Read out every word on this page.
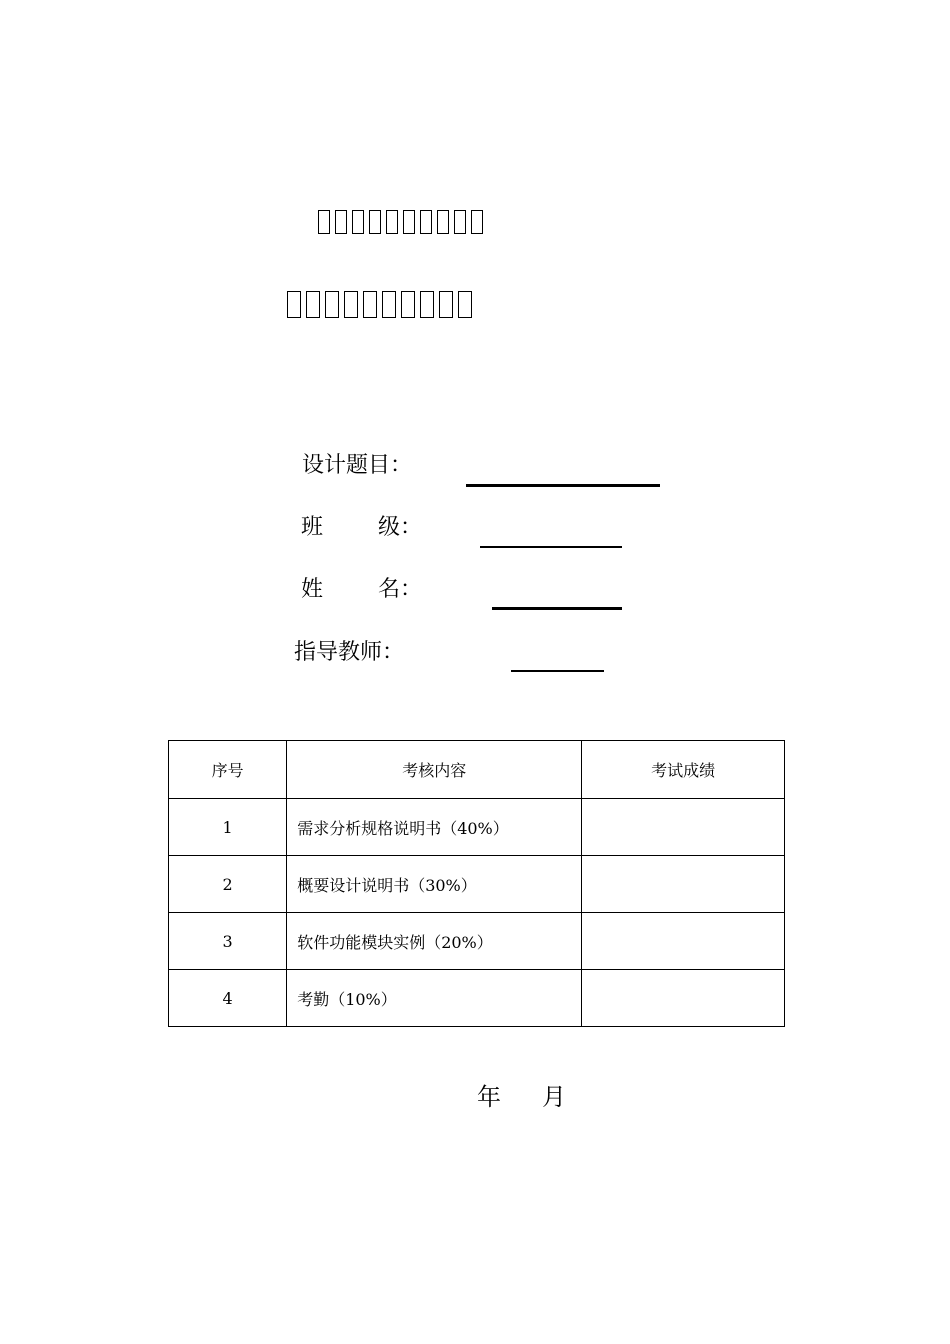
设计题目：
班 级：
姓 名：
指导教师：
序号	考核内容	考试成绩
1	需求分析规格说明书（40%）	
2	概要设计说明书（30%）	
3	软件功能模块实例（20%）	
4	考勤（10%）	
年 月
